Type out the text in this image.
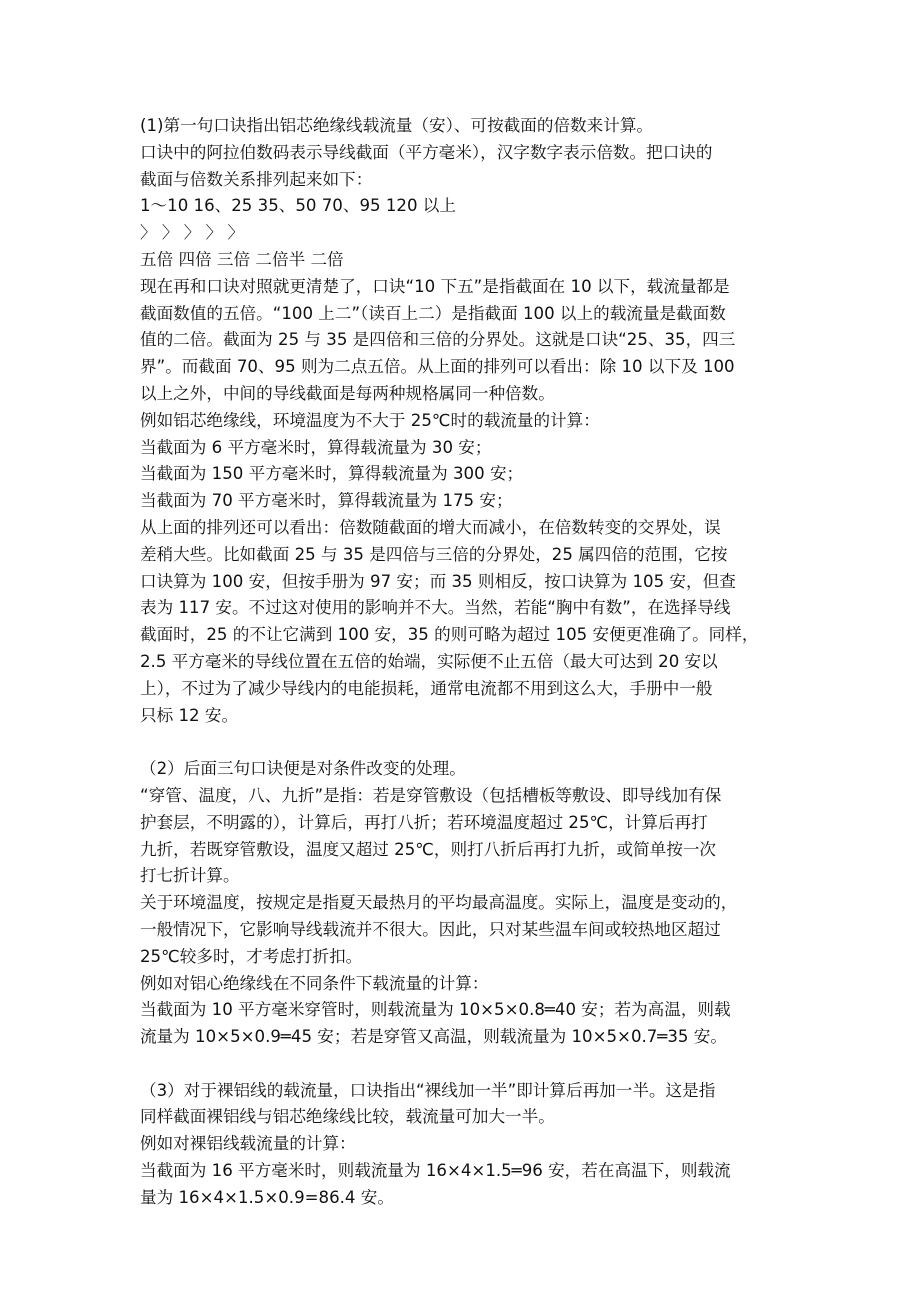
(1)第一句口诀指出铝芯绝缘线载流量（安）、可按截面的倍数来计算。
口诀中的阿拉伯数码表示导线截面（平方毫米），汉字数字表示倍数。把口诀的
截面与倍数关系排列起来如下：
1～10 16、25 35、50 70、95 120 以上
〉 〉 〉 〉 〉
五倍 四倍 三倍 二倍半 二倍
现在再和口诀对照就更清楚了，口诀“10 下五”是指截面在 10 以下，载流量都是
截面数值的五倍。“100 上二”（读百上二）是指截面 100 以上的载流量是截面数
值的二倍。截面为 25 与 35 是四倍和三倍的分界处。这就是口诀“25、35，四三
界”。而截面 70、95 则为二点五倍。从上面的排列可以看出：除 10 以下及 100
以上之外，中间的导线截面是每两种规格属同一种倍数。
例如铝芯绝缘线，环境温度为不大于 25℃时的载流量的计算：
当截面为 6 平方毫米时，算得载流量为 30 安；
当截面为 150 平方毫米时，算得载流量为 300 安；
当截面为 70 平方毫米时，算得载流量为 175 安；
从上面的排列还可以看出：倍数随截面的增大而减小，在倍数转变的交界处，误
差稍大些。比如截面 25 与 35 是四倍与三倍的分界处，25 属四倍的范围，它按
口诀算为 100 安，但按手册为 97 安；而 35 则相反，按口诀算为 105 安，但查
表为 117 安。不过这对使用的影响并不大。当然，若能“胸中有数”，在选择导线
截面时，25 的不让它满到 100 安，35 的则可略为超过 105 安便更准确了。同样，
2.5 平方毫米的导线位置在五倍的始端，实际便不止五倍（最大可达到 20 安以
上），不过为了减少导线内的电能损耗，通常电流都不用到这么大，手册中一般
只标 12 安。
（2）后面三句口诀便是对条件改变的处理。
“穿管、温度，八、九折”是指：若是穿管敷设（包括槽板等敷设、即导线加有保
护套层，不明露的），计算后，再打八折；若环境温度超过 25℃，计算后再打
九折，若既穿管敷设，温度又超过 25℃，则打八折后再打九折，或简单按一次
打七折计算。
关于环境温度，按规定是指夏天最热月的平均最高温度。实际上，温度是变动的，
一般情况下，它影响导线载流并不很大。因此，只对某些温车间或较热地区超过
25℃较多时，才考虑打折扣。
例如对铝心绝缘线在不同条件下载流量的计算：
当截面为 10 平方毫米穿管时，则载流量为 10×5×0.8═40 安；若为高温，则载
流量为 10×5×0.9═45 安；若是穿管又高温，则载流量为 10×5×0.7═35 安。
（3）对于裸铝线的载流量，口诀指出“裸线加一半”即计算后再加一半。这是指
同样截面裸铝线与铝芯绝缘线比较，载流量可加大一半。
例如对裸铝线载流量的计算：
当截面为 16 平方毫米时，则载流量为 16×4×1.5═96 安，若在高温下，则载流
量为 16×4×1.5×0.9=86.4 安。
